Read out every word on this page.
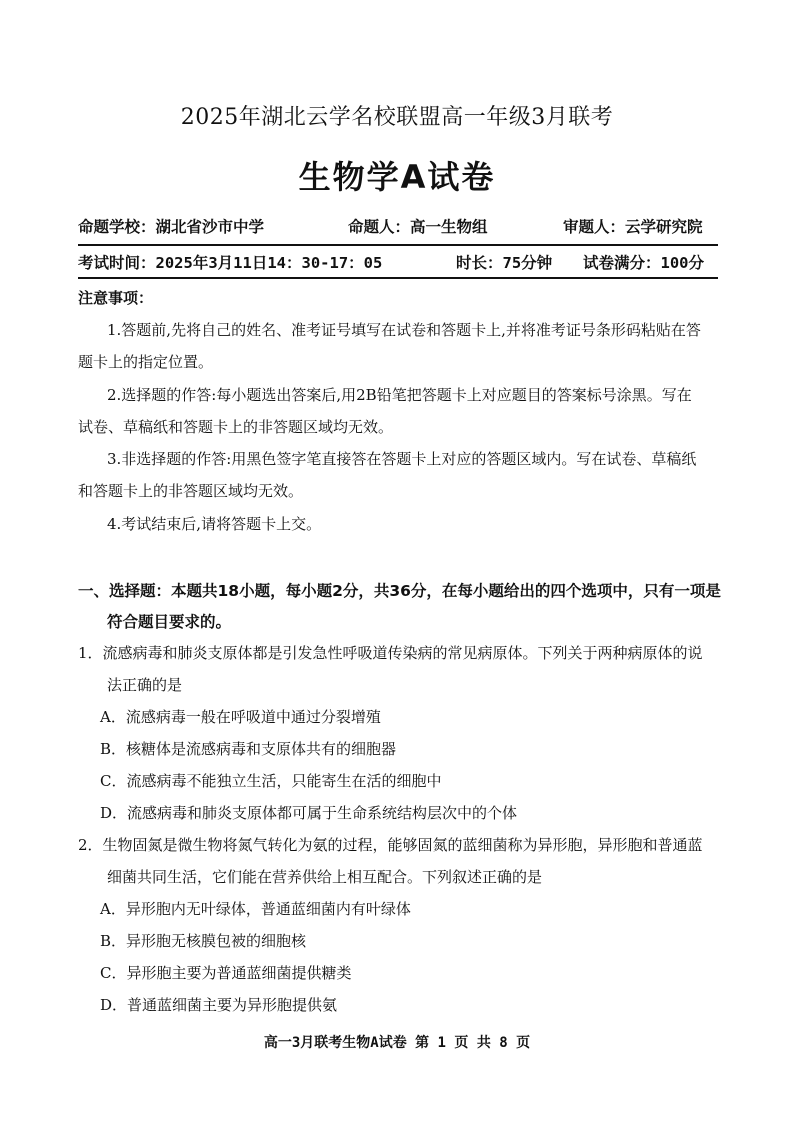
2025年湖北云学名校联盟高一年级3月联考
生物学A试卷
命题学校：湖北省沙市中学	命题人：高一生物组	审题人：云学研究院
考试时间：2025年3月11日14：30-17：05	时长：75分钟 试卷满分：100分
注意事项：
1.答题前,先将自己的姓名、准考证号填写在试卷和答题卡上,并将准考证号条形码粘贴在答
题卡上的指定位置。
2.选择题的作答:每小题选出答案后,用2B铅笔把答题卡上对应题目的答案标号涂黑。写在
试卷、草稿纸和答题卡上的非答题区域均无效。
3.非选择题的作答:用黑色签字笔直接答在答题卡上对应的答题区域内。写在试卷、草稿纸
和答题卡上的非答题区域均无效。
4.考试结束后,请将答题卡上交。
一、选择题：本题共18小题，每小题2分，共36分，在每小题给出的四个选项中，只有一项是
符合题目要求的。
1．流感病毒和肺炎支原体都是引发急性呼吸道传染病的常见病原体。下列关于两种病原体的说
法正确的是
A．流感病毒一般在呼吸道中通过分裂增殖
B．核糖体是流感病毒和支原体共有的细胞器
C．流感病毒不能独立生活，只能寄生在活的细胞中
D．流感病毒和肺炎支原体都可属于生命系统结构层次中的个体
2．生物固氮是微生物将氮气转化为氨的过程，能够固氮的蓝细菌称为异形胞，异形胞和普通蓝
细菌共同生活，它们能在营养供给上相互配合。下列叙述正确的是
A．异形胞内无叶绿体，普通蓝细菌内有叶绿体
B．异形胞无核膜包被的细胞核
C．异形胞主要为普通蓝细菌提供糖类
D．普通蓝细菌主要为异形胞提供氨
高一3月联考生物A试卷 第 1 页 共 8 页
